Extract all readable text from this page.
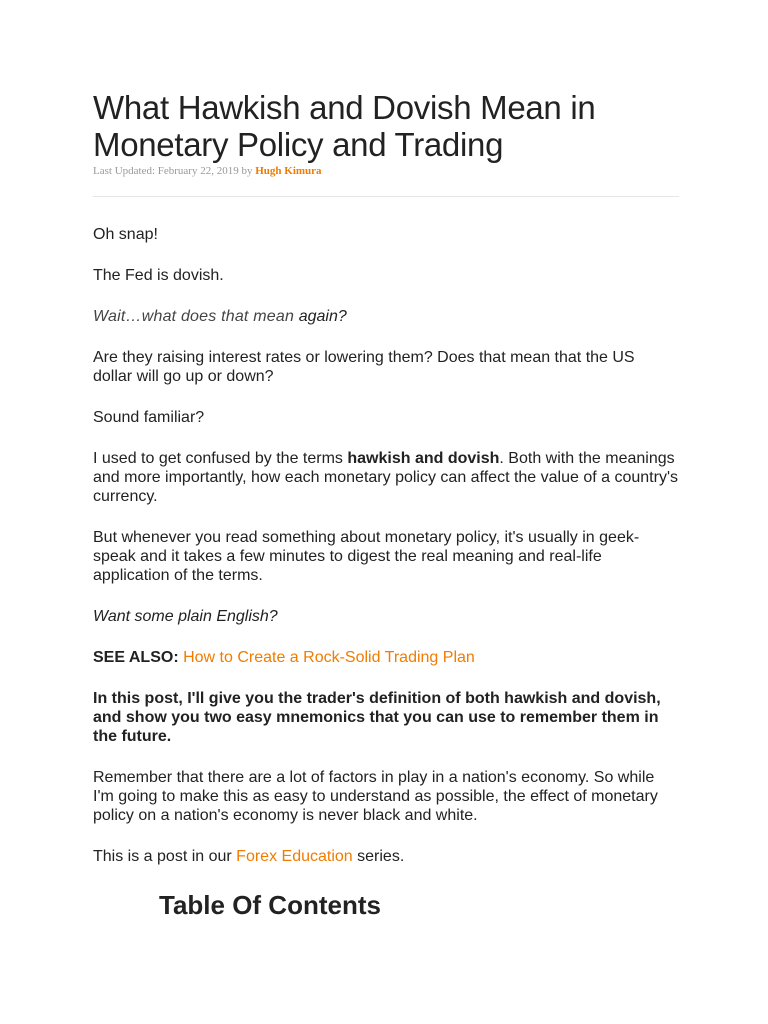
What Hawkish and Dovish Mean in Monetary Policy and Trading
Last Updated: February 22, 2019 by Hugh Kimura

Oh snap!

The Fed is dovish.

Wait…what does that mean again?

Are they raising interest rates or lowering them? Does that mean that the US dollar will go up or down?

Sound familiar?

I used to get confused by the terms hawkish and dovish. Both with the meanings and more importantly, how each monetary policy can affect the value of a country's currency.

But whenever you read something about monetary policy, it's usually in geek-speak and it takes a few minutes to digest the real meaning and real-life application of the terms.

Want some plain English?

SEE ALSO: How to Create a Rock-Solid Trading Plan

In this post, I'll give you the trader's definition of both hawkish and dovish, and show you two easy mnemonics that you can use to remember them in the future.

Remember that there are a lot of factors in play in a nation's economy. So while I'm going to make this as easy to understand as possible, the effect of monetary policy on a nation's economy is never black and white.

This is a post in our Forex Education series.

Table Of Contents
